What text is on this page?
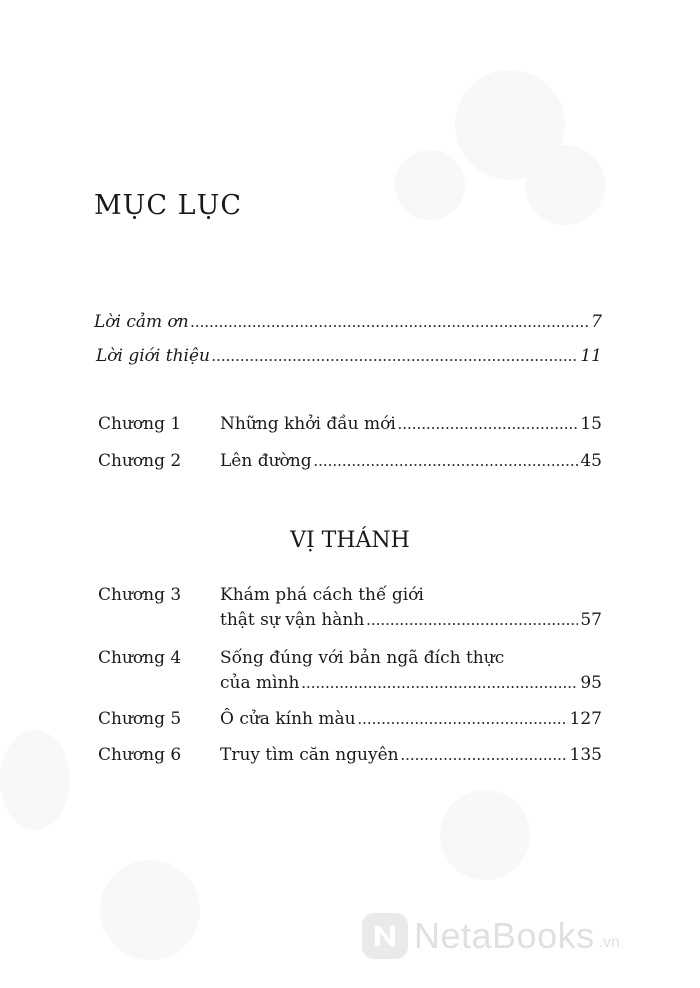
MỤC LỤC
Lời cảm ơn .....	7
Lời giới thiệu .....	11
Chương 1 Những khởi đầu mới .....	15
Chương 2 Lên đường .....	45
VỊ THÁNH
Chương 3 Khám phá cách thế giới
thật sự vận hành .....	57
Chương 4 Sống đúng với bản ngã đích thực
của mình .....	95
Chương 5 Ô cửa kính màu .....	127
Chương 6 Truy tìm căn nguyên .....	135
NetaBooks .vn
